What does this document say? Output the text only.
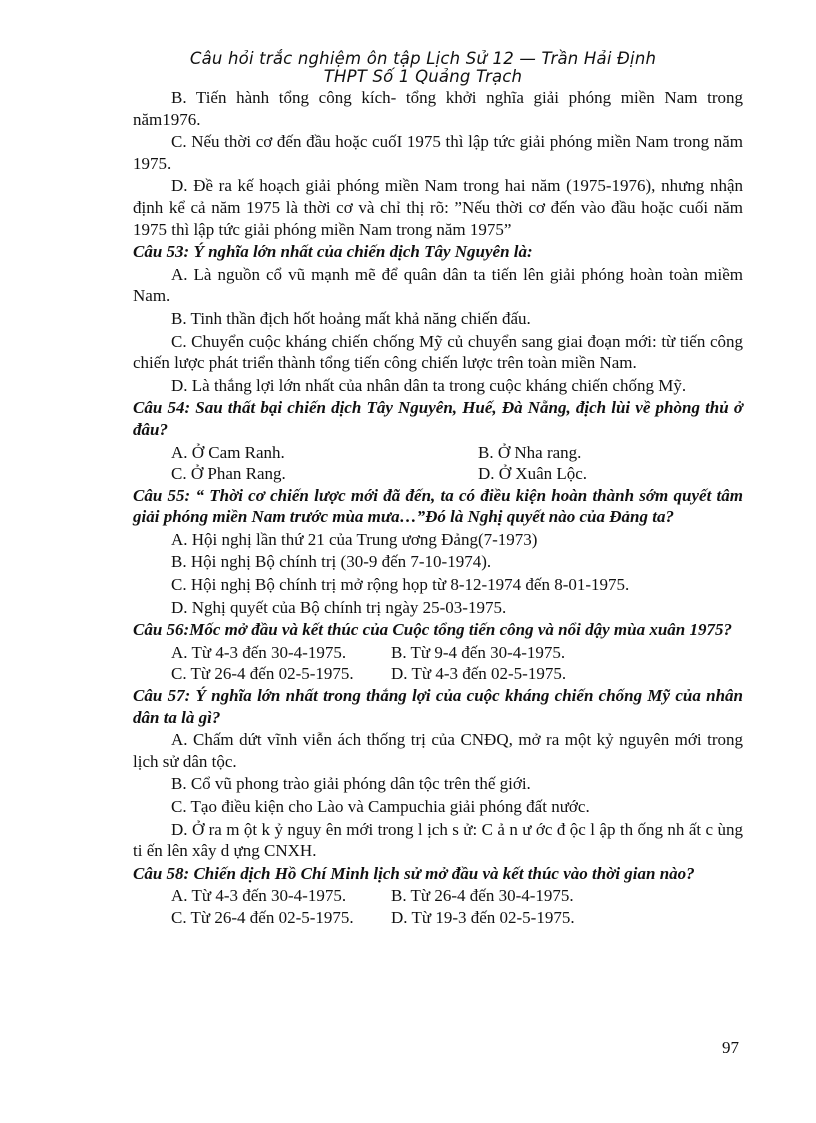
Câu hỏi trắc nghiệm ôn tập Lịch Sử 12 — Trần Hải Định
THPT Số 1 Quảng Trạch

B. Tiến hành tổng công kích- tổng khởi nghĩa giải phóng miền Nam trong năm1976.

C. Nếu thời cơ đến đầu hoặc cuốI 1975 thì lập tức giải phóng miền Nam trong năm 1975.

D. Đề ra kế hoạch giải phóng miền Nam trong hai năm (1975-1976), nhưng nhận định kể cả năm 1975 là thời cơ và chỉ thị rõ: ”Nếu thời cơ đến vào đầu hoặc cuối năm 1975 thì lập tức giải phóng miền Nam trong năm 1975”

Câu 53: Ý nghĩa lớn nhất của chiến dịch Tây Nguyên là:

A. Là nguồn cổ vũ mạnh mẽ để quân dân ta tiến lên giải phóng hoàn toàn miềm Nam.

B. Tinh thần địch hốt hoảng mất khả năng chiến đấu.

C. Chuyển cuộc kháng chiến chống Mỹ củ chuyển sang giai đoạn mới: từ tiến công chiến lược phát triển thành tổng tiến công chiến lược trên toàn miền Nam.

D. Là thắng lợi lớn nhất của nhân dân ta trong cuộc kháng chiến chống Mỹ.

Câu 54: Sau thất bại chiến dịch Tây Nguyên, Huế, Đà Nẵng, địch lùi về phòng thủ ở đâu?

A. Ở Cam Ranh.	B. Ở Nha rang.
C. Ở Phan Rang.	D. Ở Xuân Lộc.

Câu 55: “ Thời cơ chiến lược mới đã đến, ta có điều kiện hoàn thành sớm quyết tâm giải phóng miền Nam trước mùa mưa…”Đó là Nghị quyết nào của Đảng ta?

A. Hội nghị lần thứ 21 của Trung ương Đảng(7-1973)

B. Hội nghị Bộ chính trị (30-9 đến 7-10-1974).

C. Hội nghị Bộ chính trị mở rộng họp từ 8-12-1974 đến 8-01-1975.

D. Nghị quyết của Bộ chính trị ngày 25-03-1975.

Câu 56:Mốc mở đầu và kết thúc của Cuộc tổng tiến công và nổi dậy mùa xuân 1975?

A. Từ 4-3 đến 30-4-1975.	B. Từ 9-4 đến 30-4-1975.
C. Từ 26-4 đến 02-5-1975.	D. Từ 4-3 đến 02-5-1975.

Câu 57: Ý nghĩa lớn nhất trong thắng lợi của cuộc kháng chiến chống Mỹ của nhân dân ta là gì?

A. Chấm dứt vĩnh viễn ách thống trị của CNĐQ, mở ra một kỷ nguyên mới trong lịch sử dân tộc.

B. Cổ vũ phong trào giải phóng dân tộc trên thế giới.

C. Tạo điều kiện cho Lào và Campuchia giải phóng đất nước.

D. Ở ra m ột k ỷ nguy ên mới trong l ịch s ử: C ả n ư ớc đ ộc l ập th ống nh ất c ùng ti ến lên xây d ựng CNXH.

Câu 58: Chiến dịch Hồ Chí Minh lịch sử mở đầu và kết thúc vào thời gian nào?

A. Từ 4-3 đến 30-4-1975.	B. Từ 26-4 đến 30-4-1975.
C. Từ 26-4 đến 02-5-1975.	D. Từ 19-3 đến 02-5-1975.
97
